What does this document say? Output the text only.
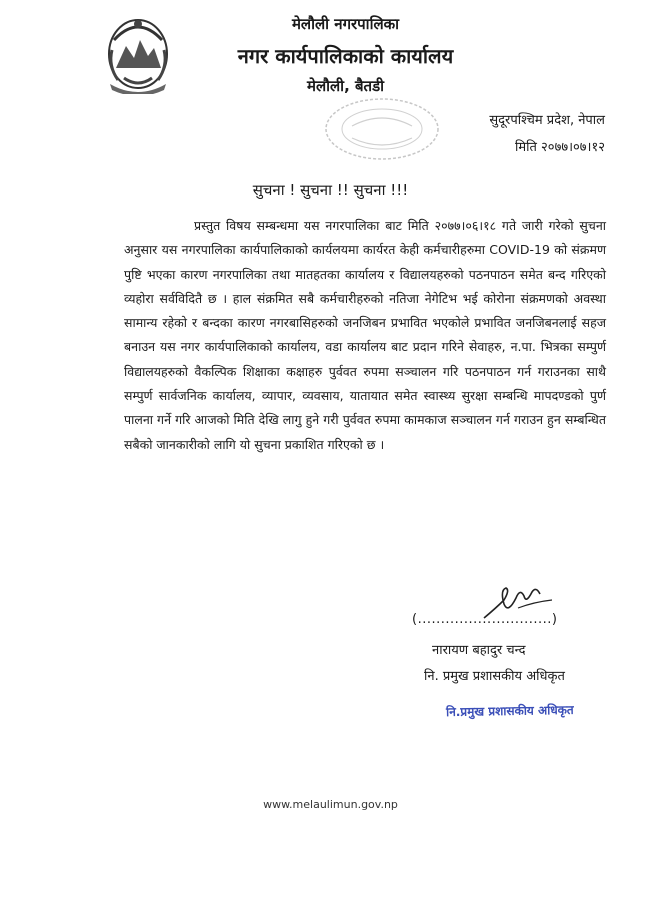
मेलौली नगरपालिका
नगर कार्यपालिकाको कार्यालय
मेलौली, बैतडी
सुदूरपश्चिम प्रदेश, नेपाल
मिति २०७७।०७।१२
सुचना ! सुचना !! सुचना !!!
प्रस्तुत विषय सम्बन्धमा यस नगरपालिका बाट मिति २०७७।०६।१८ गते जारी गरेको सुचना अनुसार यस नगरपालिका कार्यपालिकाको कार्यलयमा कार्यरत केही कर्मचारीहरुमा COVID-19 को संक्रमण पुष्टि भएका कारण नगरपालिका तथा मातहतका कार्यालय र विद्यालयहरुको पठनपाठन समेत बन्द गरिएको व्यहोरा सर्वविदितै छ । हाल संक्रमित सबै कर्मचारीहरुको नतिजा नेगेटिभ भई कोरोना संक्रमणको अवस्था सामान्य रहेको र बन्दका कारण नगरबासिहरुको जनजिबन प्रभावित भएकोले प्रभावित जनजिबनलाई सहज बनाउन यस नगर कार्यपालिकाको कार्यालय, वडा कार्यालय बाट प्रदान गरिने सेवाहरु, न.पा. भित्रका सम्पुर्ण विद्यालयहरुको वैकल्पिक शिक्षाका कक्षाहरु पुर्ववत रुपमा सञ्चालन गरि पठनपाठन गर्न गराउनका साथै सम्पुर्ण सार्वजनिक कार्यालय, व्यापार, व्यवसाय, यातायात समेत स्वास्थ्य सुरक्षा सम्बन्धि मापदण्डको पुर्ण पालना गर्ने गरि आजको मिति देखि लागु हुने गरी पुर्ववत रुपमा कामकाज सञ्चालन गर्न गराउन हुन सम्बन्धित सबैको जानकारीको लागि यो सुचना प्रकाशित गरिएको छ ।
(.............................)
नारायण बहादुर चन्द
नि. प्रमुख प्रशासकीय अधिकृत
नि.प्रमुख प्रशासकीय अधिकृत
www.melaulimun.gov.np
